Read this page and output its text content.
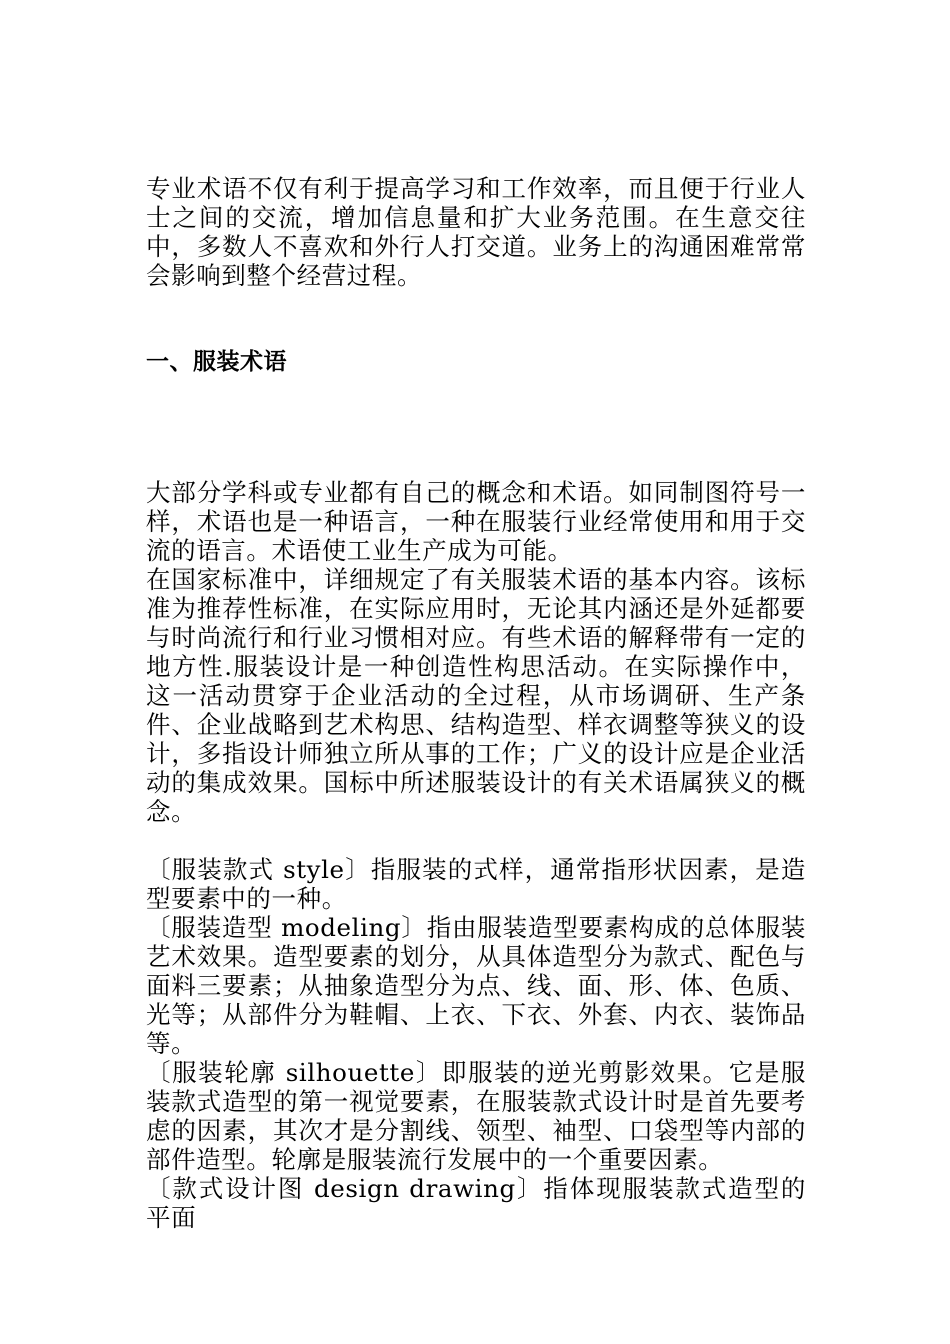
专业术语不仅有利于提高学习和工作效率，而且便于行业人士之间的交流，增加信息量和扩大业务范围。在生意交往中，多数人不喜欢和外行人打交道。业务上的沟通困难常常会影响到整个经营过程。

一、服装术语

大部分学科或专业都有自己的概念和术语。如同制图符号一样，术语也是一种语言，一种在服装行业经常使用和用于交流的语言。术语使工业生产成为可能。

在国家标准中，详细规定了有关服装术语的基本内容。该标准为推荐性标准，在实际应用时，无论其内涵还是外延都要与时尚流行和行业习惯相对应。有些术语的解释带有一定的地方性.服装设计是一种创造性构思活动。在实际操作中，这一活动贯穿于企业活动的全过程，从市场调研、生产条件、企业战略到艺术构思、结构造型、样衣调整等狭义的设计，多指设计师独立所从事的工作；广义的设计应是企业活动的集成效果。国标中所述服装设计的有关术语属狭义的概念。

〔服装款式 style〕指服装的式样，通常指形状因素，是造型要素中的一种。

〔服装造型 modeling〕指由服装造型要素构成的总体服装艺术效果。造型要素的划分，从具体造型分为款式、配色与面料三要素；从抽象造型分为点、线、面、形、体、色质、光等；从部件分为鞋帽、上衣、下衣、外套、内衣、装饰品等。

〔服装轮廓 silhouette〕即服装的逆光剪影效果。它是服装款式造型的第一视觉要素，在服装款式设计时是首先要考虑的因素，其次才是分割线、领型、袖型、口袋型等内部的部件造型。轮廓是服装流行发展中的一个重要因素。

〔款式设计图 design drawing〕指体现服装款式造型的平面
